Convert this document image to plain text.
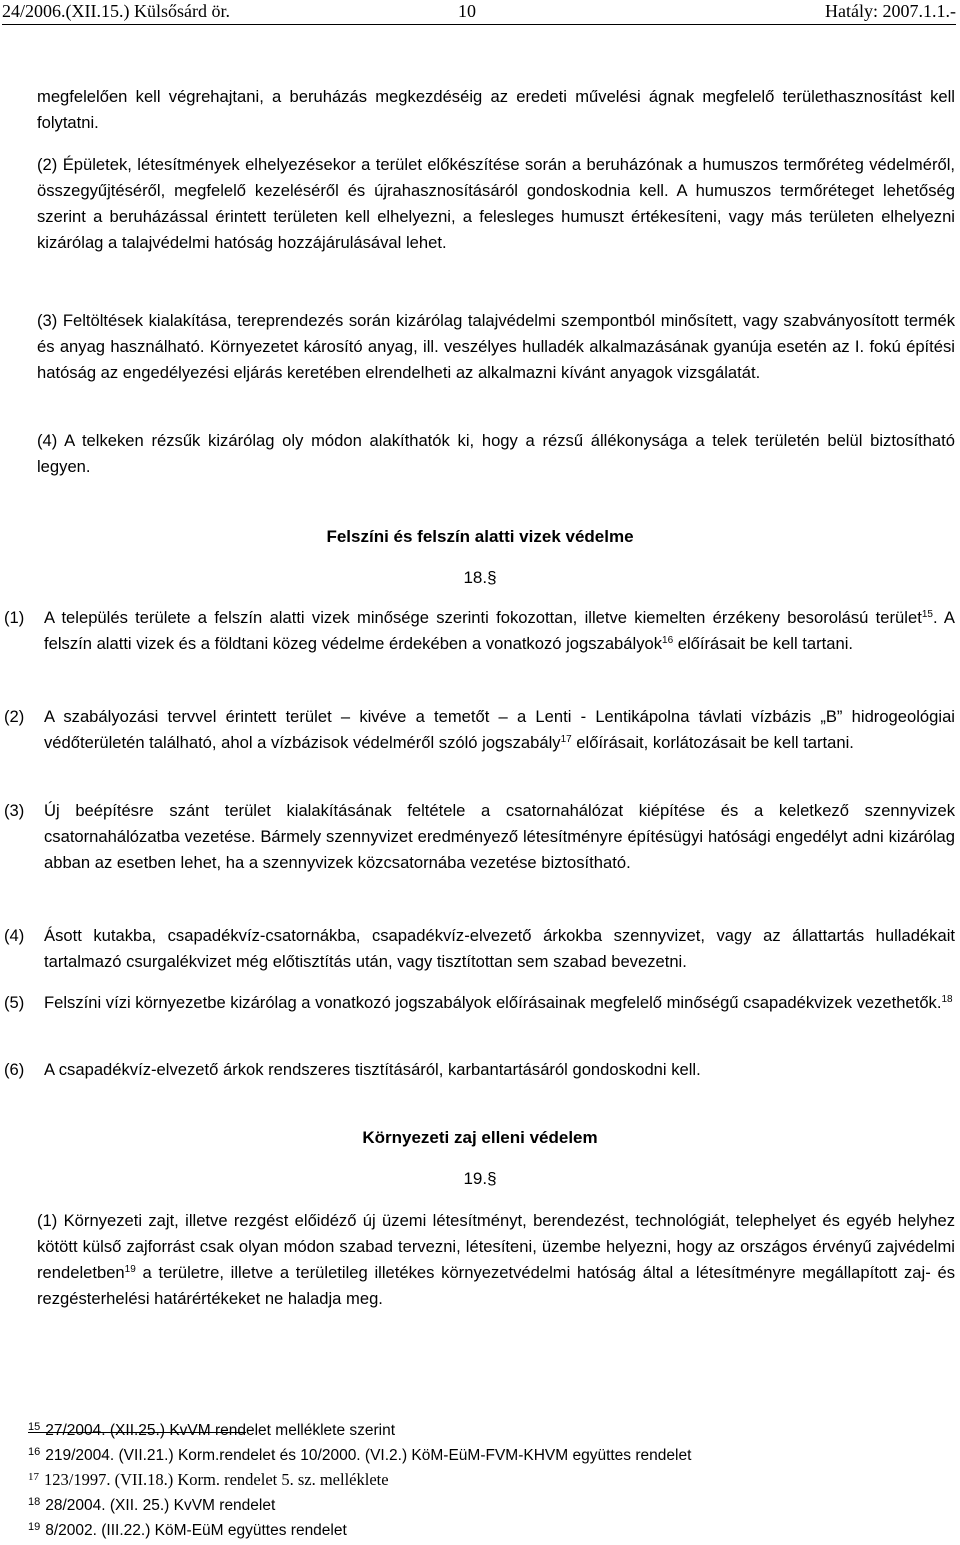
24/2006.(XII.15.) Külsősárd ör.	10	Hatály: 2007.1.1.-

megfelelően kell végrehajtani, a beruházás megkezdéséig az eredeti művelési ágnak megfelelő területhasznosítást kell folytatni.

(2) Épületek, létesítmények elhelyezésekor a terület előkészítése során a beruházónak a humuszos termőréteg védelméről, összegyűjtéséről, megfelelő kezeléséről és újrahasznosításáról gondoskodnia kell. A humuszos termőréteget lehetőség szerint a beruházással érintett területen kell elhelyezni, a felesleges humuszt értékesíteni, vagy más területen elhelyezni kizárólag a talajvédelmi hatóság hozzájárulásával lehet.

(3) Feltöltések kialakítása, tereprendezés során kizárólag talajvédelmi szempontból minősített, vagy szabványosított termék és anyag használható. Környezetet károsító anyag, ill. veszélyes hulladék alkalmazásának gyanúja esetén az I. fokú építési hatóság az engedélyezési eljárás keretében elrendelheti az alkalmazni kívánt anyagok vizsgálatát.

(4) A telkeken rézsűk kizárólag oly módon alakíthatók ki, hogy a rézsű állékonysága a telek területén belül biztosítható legyen.

Felszíni és felszín alatti vizek védelme
18.§
(1) A település területe a felszín alatti vizek minősége szerinti fokozottan, illetve kiemelten érzékeny besorolású terület$^{15}$. A felszín alatti vizek és a földtani közeg védelme érdekében a vonatkozó jogszabályok$^{16}$ előírásait be kell tartani.

(2) A szabályozási tervvel érintett terület – kivéve a temetőt – a Lenti - Lentikápolna távlati vízbázis „B” hidrogeológiai védőterületén található, ahol a vízbázisok védelméről szóló jogszabály$^{17}$ előírásait, korlátozásait be kell tartani.

(3) Új beépítésre szánt terület kialakításának feltétele a csatornahálózat kiépítése és a keletkező szennyvizek csatornahálózatba vezetése. Bármely szennyvizet eredményező létesítményre építésügyi hatósági engedélyt adni kizárólag abban az esetben lehet, ha a szennyvizek közcsatornába vezetése biztosítható.

(4) Ásott kutakba, csapadékvíz-csatornákba, csapadékvíz-elvezető árkokba szennyvizet, vagy az állattartás hulladékait tartalmazó csurgalékvizet még előtisztítás után, vagy tisztítottan sem szabad bevezetni.

(5) Felszíni vízi környezetbe kizárólag a vonatkozó jogszabályok előírásainak megfelelő minőségű csapadékvizek vezethetők.$^{18}$

(6) A csapadékvíz-elvezető árkok rendszeres tisztításáról, karbantartásáról gondoskodni kell.

Környezeti zaj elleni védelem
19.§

(1) Környezeti zajt, illetve rezgést előidéző új üzemi létesítményt, berendezést, technológiát, telephelyet és egyéb helyhez kötött külső zajforrást csak olyan módon szabad tervezni, létesíteni, üzembe helyezni, hogy az országos érvényű zajvédelmi rendeletben$^{19}$ a területre, illetve a területileg illetékes környezetvédelmi hatóság által a létesítményre megállapított zaj- és rezgésterhelési határértékeket ne haladja meg.

$^{15}$ 27/2004. (XII.25.) KvVM rendelet melléklete szerint
$^{16}$ 219/2004. (VII.21.) Korm.rendelet és 10/2000. (VI.2.) KöM-EüM-FVM-KHVM együttes rendelet
$^{17}$ 123/1997. (VII.18.) Korm. rendelet 5. sz. melléklete
$^{18}$ 28/2004. (XII. 25.) KvVM rendelet
$^{19}$ 8/2002. (III.22.) KöM-EüM együttes rendelet
